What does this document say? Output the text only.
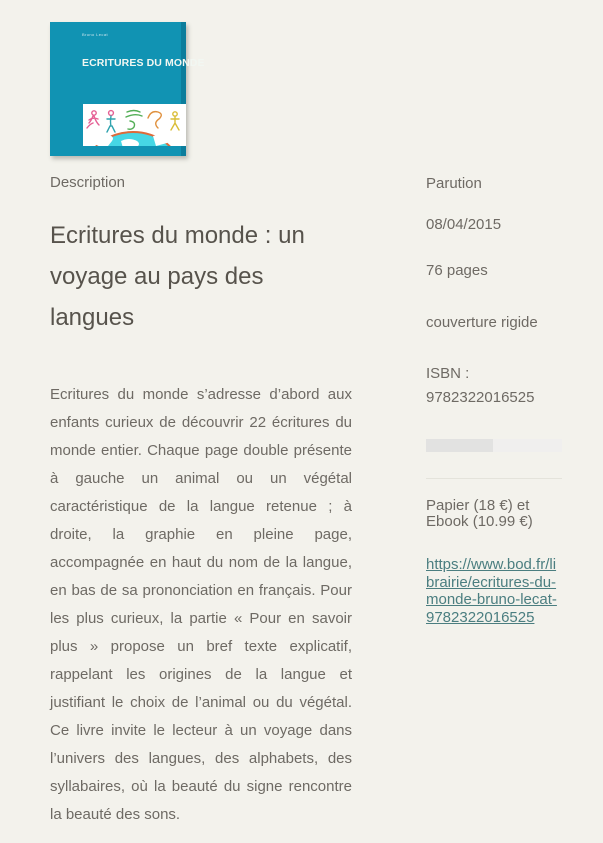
Bruno Lecat
ECRITURES DU MONDE
Description
Ecritures du monde : un voyage au pays des langues

Ecritures du monde s’adresse d’abord aux enfants curieux de découvrir 22 écritures du monde entier. Chaque page double présente à gauche un animal ou un végétal caractéristique de la langue retenue ; à droite, la graphie en pleine page, accompagnée en haut du nom de la langue, en bas de sa prononciation en français. Pour les plus curieux, la partie « Pour en savoir plus » propose un bref texte explicatif, rappelant les origines de la langue et justifiant le choix de l’animal ou du végétal. Ce livre invite le lecteur à un voyage dans l’univers des langues, des alphabets, des syllabaires, où la beauté du signe rencontre la beauté des sons.

Parution
08/04/2015
76 pages
couverture rigide
ISBN :
9782322016525
Papier (18 €) et Ebook (10.99 €)
https://www.bod.fr/librairie/ecritures-du-monde-bruno-lecat-9782322016525
